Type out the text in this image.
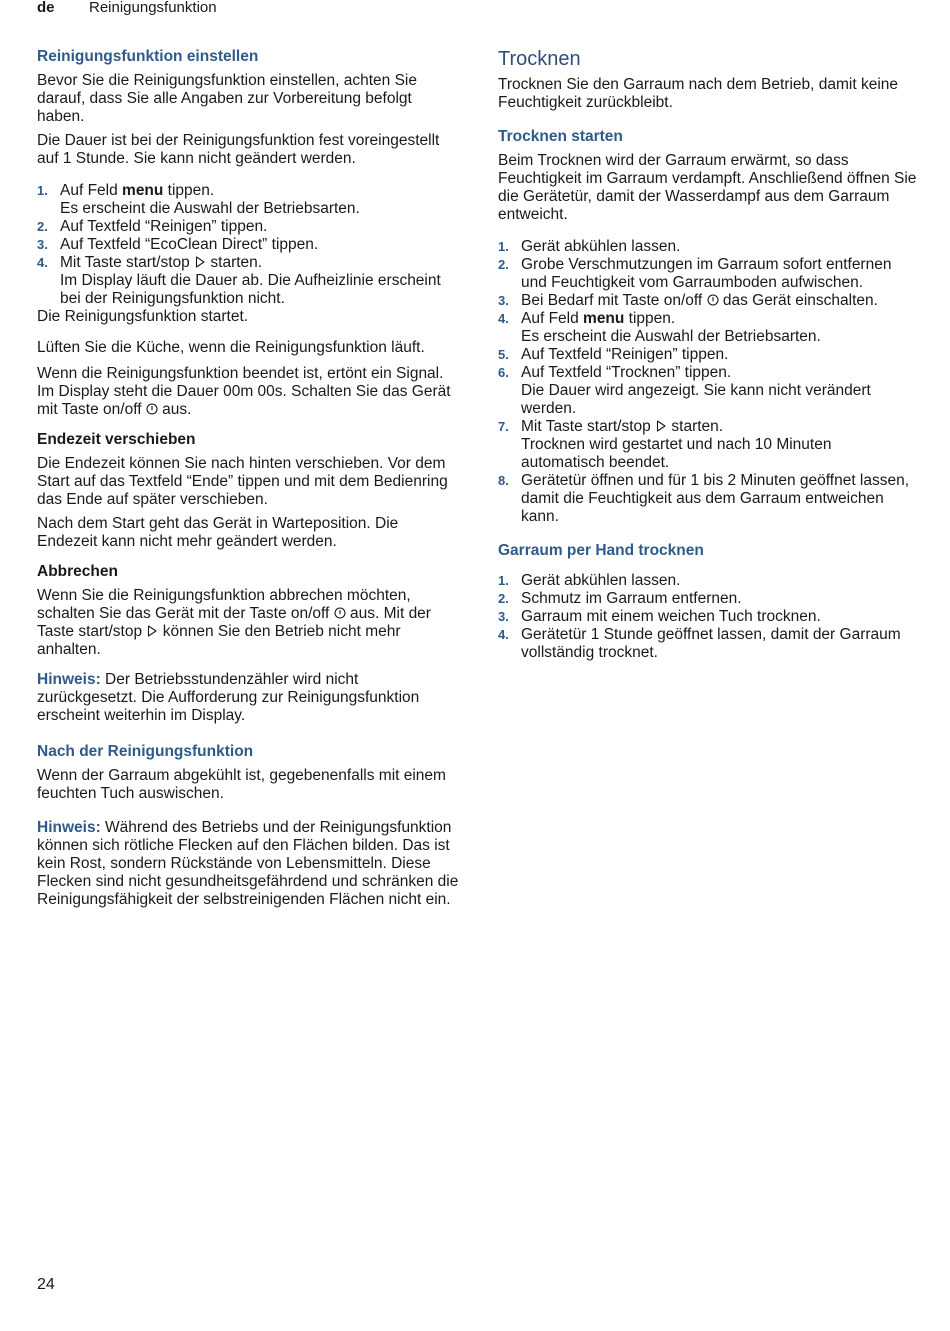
de Reinigungsfunktion
Reinigungsfunktion einstellen

Bevor Sie die Reinigungsfunktion einstellen, achten Sie darauf, dass Sie alle Angaben zur Vorbereitung befolgt haben.

Die Dauer ist bei der Reinigungsfunktion fest voreingestellt auf 1 Stunde. Sie kann nicht geändert werden.

1. Auf Feld menu tippen.
Es erscheint die Auswahl der Betriebsarten.
2. Auf Textfeld “Reinigen” tippen.
3. Auf Textfeld “EcoClean Direct” tippen.
4. Mit Taste start/stop
starten.
Im Display läuft die Dauer ab. Die Aufheizlinie erscheint bei der Reinigungsfunktion nicht.

Die Reinigungsfunktion startet.

Lüften Sie die Küche, wenn die Reinigungsfunktion läuft.

Wenn die Reinigungsfunktion beendet ist, ertönt ein Signal. Im Display steht die Dauer 00m 00s. Schalten Sie das Gerät mit Taste on/off
aus.

Endezeit verschieben

Die Endezeit können Sie nach hinten verschieben. Vor dem Start auf das Textfeld “Ende” tippen und mit dem Bedienring das Ende auf später verschieben.

Nach dem Start geht das Gerät in Warteposition. Die Endezeit kann nicht mehr geändert werden.

Abbrechen

Wenn Sie die Reinigungsfunktion abbrechen möchten, schalten Sie das Gerät mit der Taste on/off
aus. Mit der Taste start/stop
können Sie den Betrieb nicht mehr anhalten.

Hinweis: Der Betriebsstundenzähler wird nicht zurückgesetzt. Die Aufforderung zur Reinigungsfunktion erscheint weiterhin im Display.

Nach der Reinigungsfunktion

Wenn der Garraum abgekühlt ist, gegebenenfalls mit einem feuchten Tuch auswischen.

Hinweis: Während des Betriebs und der Reinigungsfunktion können sich rötliche Flecken auf den Flächen bilden. Das ist kein Rost, sondern Rückstände von Lebensmitteln. Diese Flecken sind nicht gesundheitsgefährdend und schränken die Reinigungsfähigkeit der selbstreinigenden Flächen nicht ein.

Trocknen

Trocknen Sie den Garraum nach dem Betrieb, damit keine Feuchtigkeit zurückbleibt.

Trocknen starten

Beim Trocknen wird der Garraum erwärmt, so dass Feuchtigkeit im Garraum verdampft. Anschließend öffnen Sie die Gerätetür, damit der Wasserdampf aus dem Garraum entweicht.

1. Gerät abkühlen lassen.
2. Grobe Verschmutzungen im Garraum sofort entfernen und Feuchtigkeit vom Garraumboden aufwischen.
3. Bei Bedarf mit Taste on/off
das Gerät einschalten.
4. Auf Feld menu tippen.
Es erscheint die Auswahl der Betriebsarten.
5. Auf Textfeld “Reinigen” tippen.
6. Auf Textfeld “Trocknen” tippen.
Die Dauer wird angezeigt. Sie kann nicht verändert werden.
7. Mit Taste start/stop
starten.
Trocknen wird gestartet und nach 10 Minuten automatisch beendet.
8. Gerätetür öffnen und für 1 bis 2 Minuten geöffnet lassen, damit die Feuchtigkeit aus dem Garraum entweichen kann.
Garraum per Hand trocknen
1. Gerät abkühlen lassen.
2. Schmutz im Garraum entfernen.
3. Garraum mit einem weichen Tuch trocknen.
4. Gerätetür 1 Stunde geöffnet lassen, damit der Garraum vollständig trocknet.
24
